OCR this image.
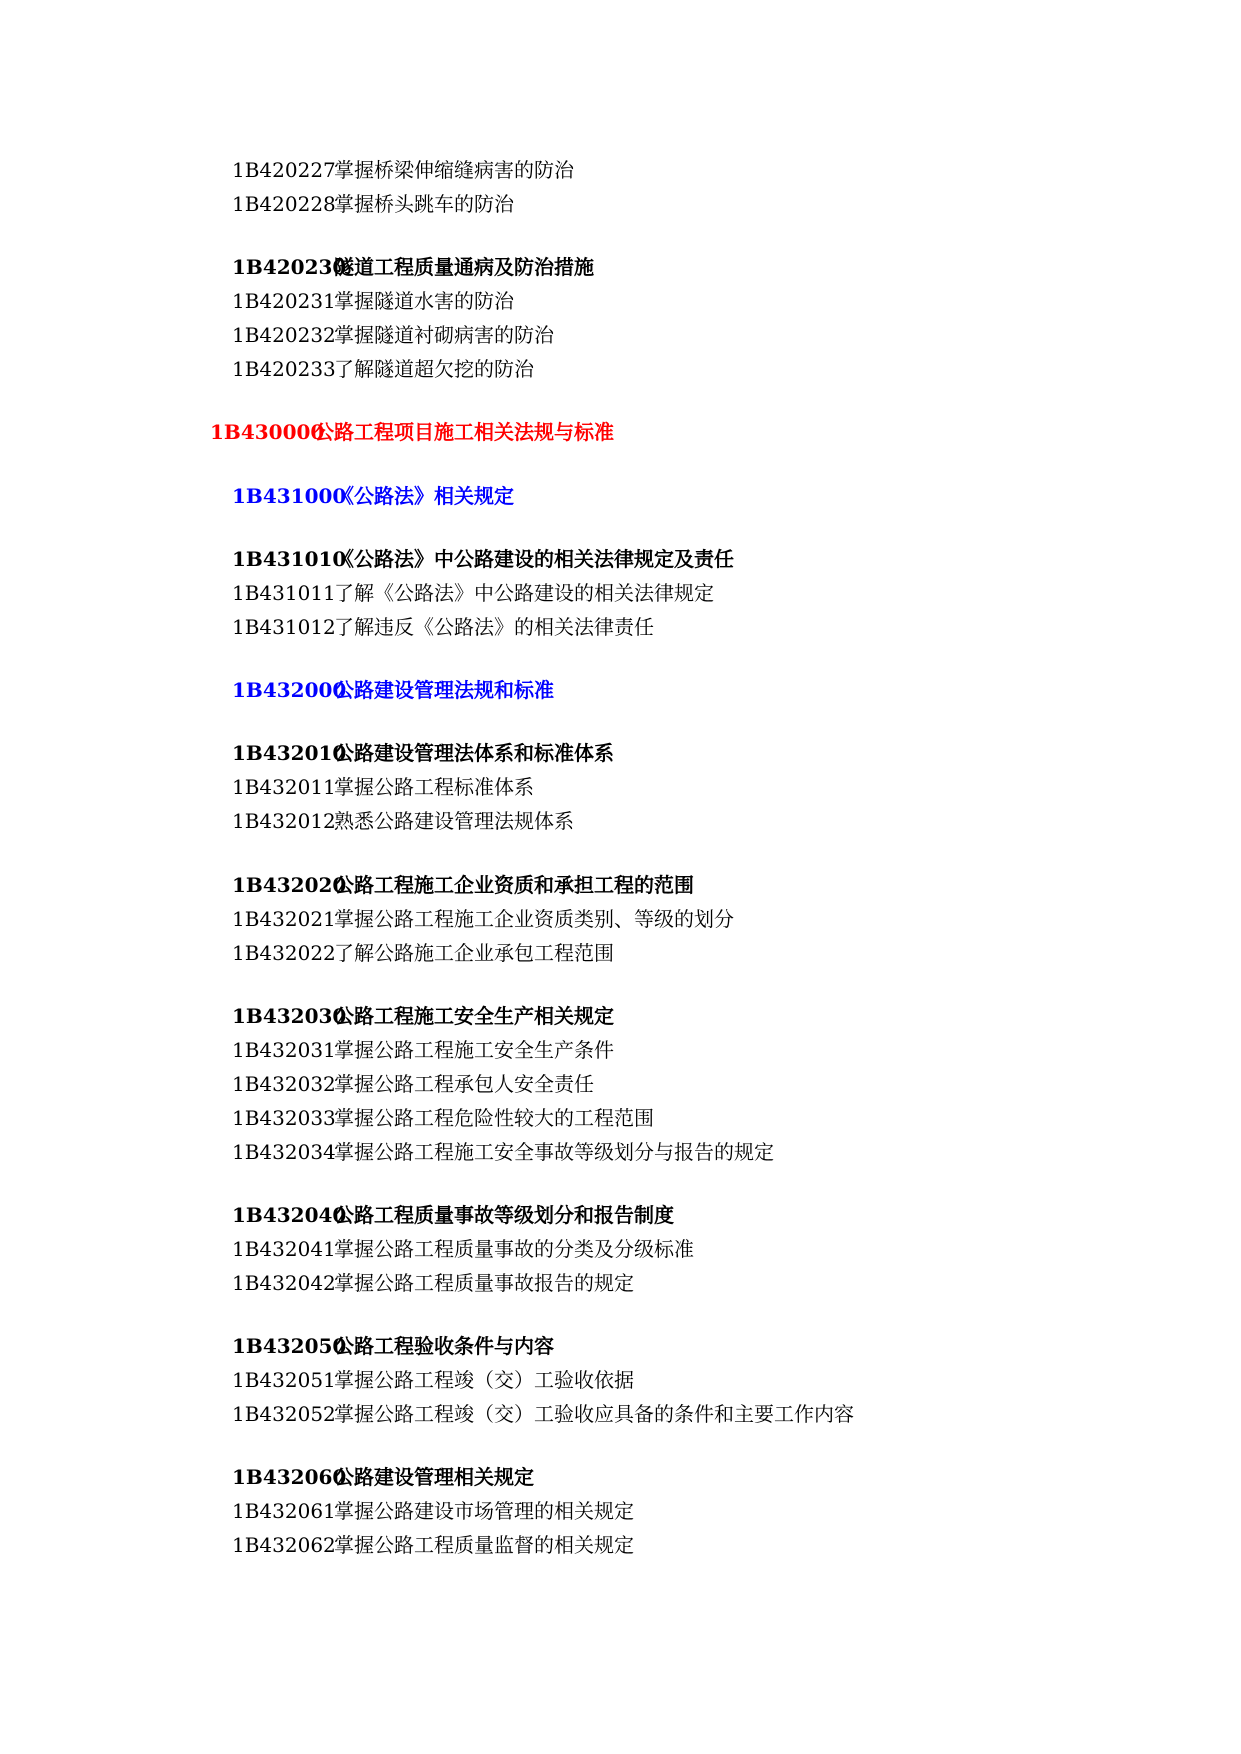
1B420227掌握桥梁伸缩缝病害的防治
1B420228掌握桥头跳车的防治
1B420230隧道工程质量通病及防治措施
1B420231掌握隧道水害的防治
1B420232掌握隧道衬砌病害的防治
1B420233了解隧道超欠挖的防治
1B430000公路工程项目施工相关法规与标准
1B431000《公路法》相关规定
1B431010《公路法》中公路建设的相关法律规定及责任
1B431011了解《公路法》中公路建设的相关法律规定
1B431012了解违反《公路法》的相关法律责任
1B432000公路建设管理法规和标准
1B432010公路建设管理法体系和标准体系
1B432011掌握公路工程标准体系
1B432012熟悉公路建设管理法规体系
1B432020公路工程施工企业资质和承担工程的范围
1B432021掌握公路工程施工企业资质类别、等级的划分
1B432022了解公路施工企业承包工程范围
1B432030公路工程施工安全生产相关规定
1B432031掌握公路工程施工安全生产条件
1B432032掌握公路工程承包人安全责任
1B432033掌握公路工程危险性较大的工程范围
1B432034掌握公路工程施工安全事故等级划分与报告的规定
1B432040公路工程质量事故等级划分和报告制度
1B432041掌握公路工程质量事故的分类及分级标准
1B432042掌握公路工程质量事故报告的规定
1B432050公路工程验收条件与内容
1B432051掌握公路工程竣（交）工验收依据
1B432052掌握公路工程竣（交）工验收应具备的条件和主要工作内容
1B432060公路建设管理相关规定
1B432061掌握公路建设市场管理的相关规定
1B432062掌握公路工程质量监督的相关规定
